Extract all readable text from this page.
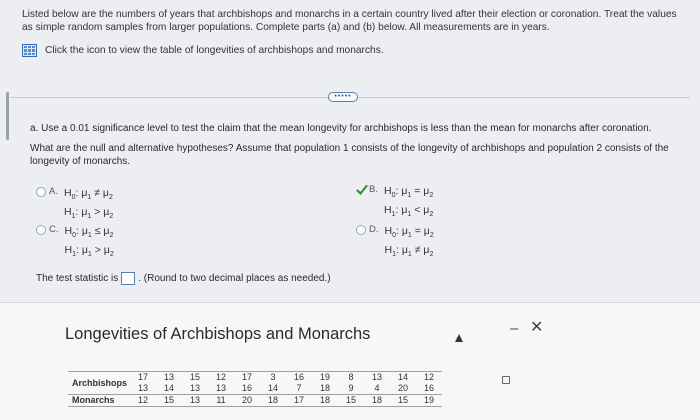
Listed below are the numbers of years that archbishops and monarchs in a certain country lived after their election or coronation. Treat the values as simple random samples from larger populations. Complete parts (a) and (b) below. All measurements are in years.
Click the icon to view the table of longevities of archbishops and monarchs.
•••••

a. Use a 0.01 significance level to test the claim that the mean longevity for archbishops is less than the mean for monarchs after coronation.

What are the null and alternative hypotheses? Assume that population 1 consists of the longevity of archbishops and population 2 consists of the longevity of monarchs.

A. $H_0$: $\mu_1 \ne \mu_2$
$H_1$: $\mu_1 > \mu_2$
B. $H_0$: $\mu_1 = \mu_2$
$H_1$: $\mu_1 < \mu_2$
C. $H_0$: $\mu_1 \le \mu_2$
$H_1$: $\mu_1 > \mu_2$
D. $H_0$: $\mu_1 = \mu_2$
$H_1$: $\mu_1 \ne \mu_2$
The test statistic is . (Round to two decimal places as needed.)
Longevities of Archbishops and Monarchs	– ✕
Archbishops	17	13	15	12	17	3	16	19	8	13	14	12
	13	14	13	13	16	14	7	18	9	4	20	16
Monarchs	12	15	13	11	20	18	17	18	15	18	15	19
